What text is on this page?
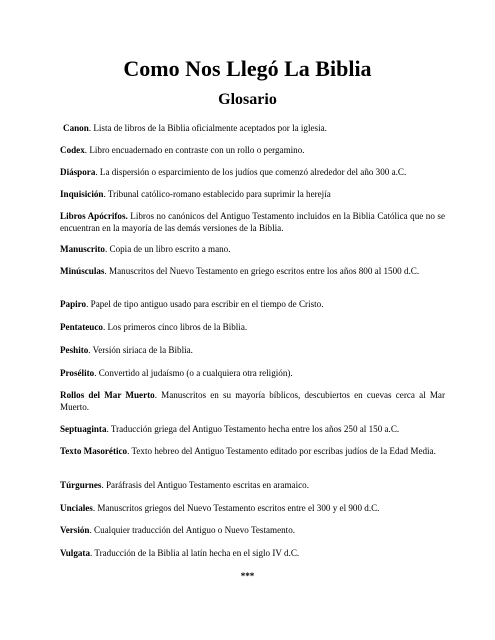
Como Nos Llegó La Biblia
Glosario
Canon. Lista de libros de la Biblia oficialmente aceptados por la iglesia.
Codex. Libro encuadernado en contraste con un rollo o pergamino.
Diáspora. La dispersión o esparcimiento de los judíos que comenzó alrededor del año 300 a.C.
Inquisición. Tribunal católico-romano establecido para suprimir la herejía
Libros Apócrifos. Libros no canónicos del Antiguo Testamento incluidos en la Biblia Católica que no se encuentran en la mayoría de las demás versiones de la Biblia.
Manuscrito. Copia de un libro escrito a mano.
Minúsculas. Manuscritos del Nuevo Testamento en griego escritos entre los años 800 al 1500 d.C.
Papiro. Papel de tipo antiguo usado para escribir en el tiempo de Cristo.
Pentateuco. Los primeros cinco libros de la Biblia.
Peshito. Versión siriaca de la Biblia.
Prosélito. Convertido al judaísmo (o a cualquiera otra religión).
Rollos del Mar Muerto. Manuscritos en su mayoría bíblicos, descubiertos en cuevas cerca al Mar Muerto.
Septuaginta. Traducción griega del Antiguo Testamento hecha entre los años 250 al 150 a.C.
Texto Masorético. Texto hebreo del Antiguo Testamento editado por escribas judíos de la Edad Media.
Túrgurnes. Paráfrasis del Antiguo Testamento escritas en aramaico.
Unciales. Manuscritos griegos del Nuevo Testamento escritos entre el 300 y el 900 d.C.
Versión. Cualquier traducción del Antiguo o Nuevo Testamento.
Vulgata. Traducción de la Biblia al latín hecha en el siglo IV d.C.
***
